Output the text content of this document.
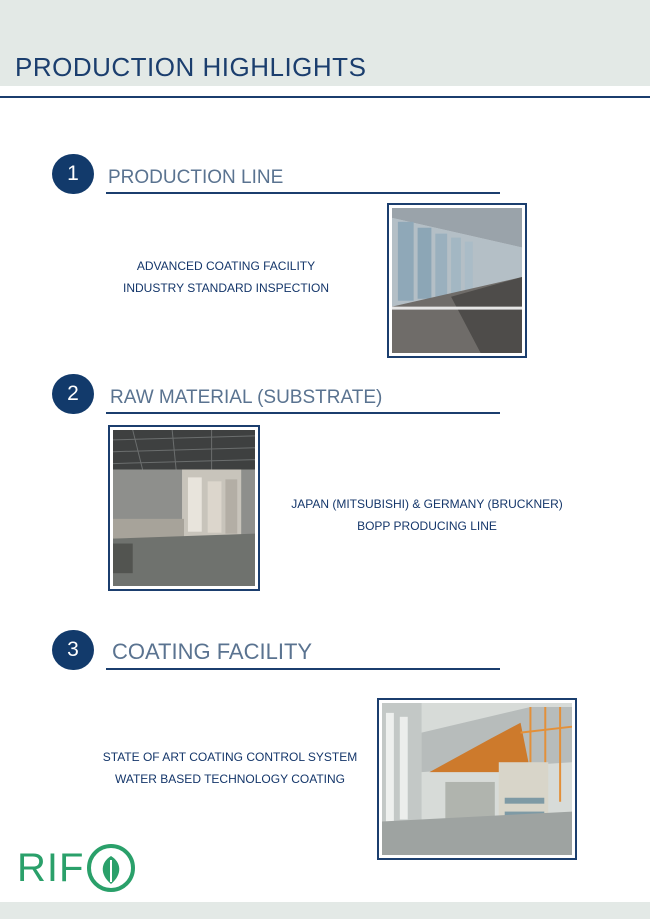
PRODUCTION HIGHLIGHTS
1	PRODUCTION LINE

ADVANCED COATING FACILITY

INDUSTRY STANDARD INSPECTION

2	RAW MATERIAL (SUBSTRATE)

JAPAN (MITSUBISHI) & GERMANY (BRUCKNER)

BOPP PRODUCING LINE

3	COATING FACILITY

STATE OF ART COATING CONTROL SYSTEM

WATER BASED TECHNOLOGY COATING

RIF
